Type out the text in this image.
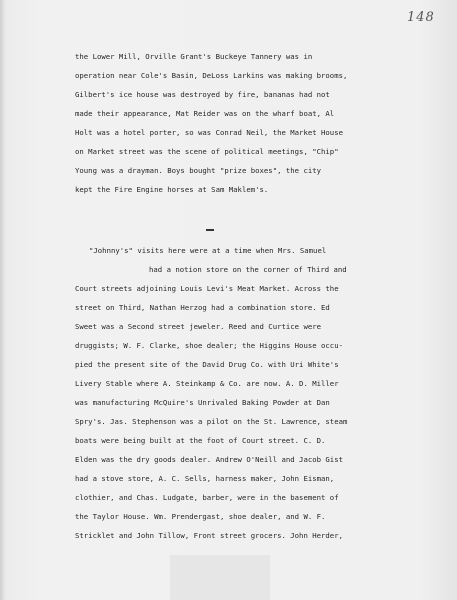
148
the Lower Mill, Orville Grant's Buckeye Tannery was in
operation near Cole's Basin, DeLoss Larkins was making brooms,
Gilbert's ice house was destroyed by fire, bananas had not
made their appearance, Mat Reider was on the wharf boat, Al
Holt was a hotel porter, so was Conrad Neil, the Market House
on Market street was the scene of political meetings, "Chip"
Young was a drayman. Boys bought "prize boxes", the city
kept the Fire Engine horses at Sam Maklem's.
"Johnny's" visits here were at a time when Mrs. Samuel
had a notion store on the corner of Third and
Court streets adjoining Louis Levi's Meat Market. Across the
street on Third, Nathan Herzog had a combination store. Ed
Sweet was a Second street jeweler. Reed and Curtice were
druggists; W. F. Clarke, shoe dealer; the Higgins House occu-
pied the present site of the David Drug Co. with Uri White's
Livery Stable where A. Steinkamp & Co. are now. A. D. Miller
was manufacturing McQuire's Unrivaled Baking Powder at Dan
Spry's. Jas. Stephenson was a pilot on the St. Lawrence, steam
boats were being built at the foot of Court street. C. D.
Elden was the dry goods dealer. Andrew O'Neill and Jacob Gist
had a stove store, A. C. Sells, harness maker, John Eisman,
clothier, and Chas. Ludgate, barber, were in the basement of
the Taylor House. Wm. Prendergast, shoe dealer, and W. F.
Stricklet and John Tillow, Front street grocers. John Herder,
